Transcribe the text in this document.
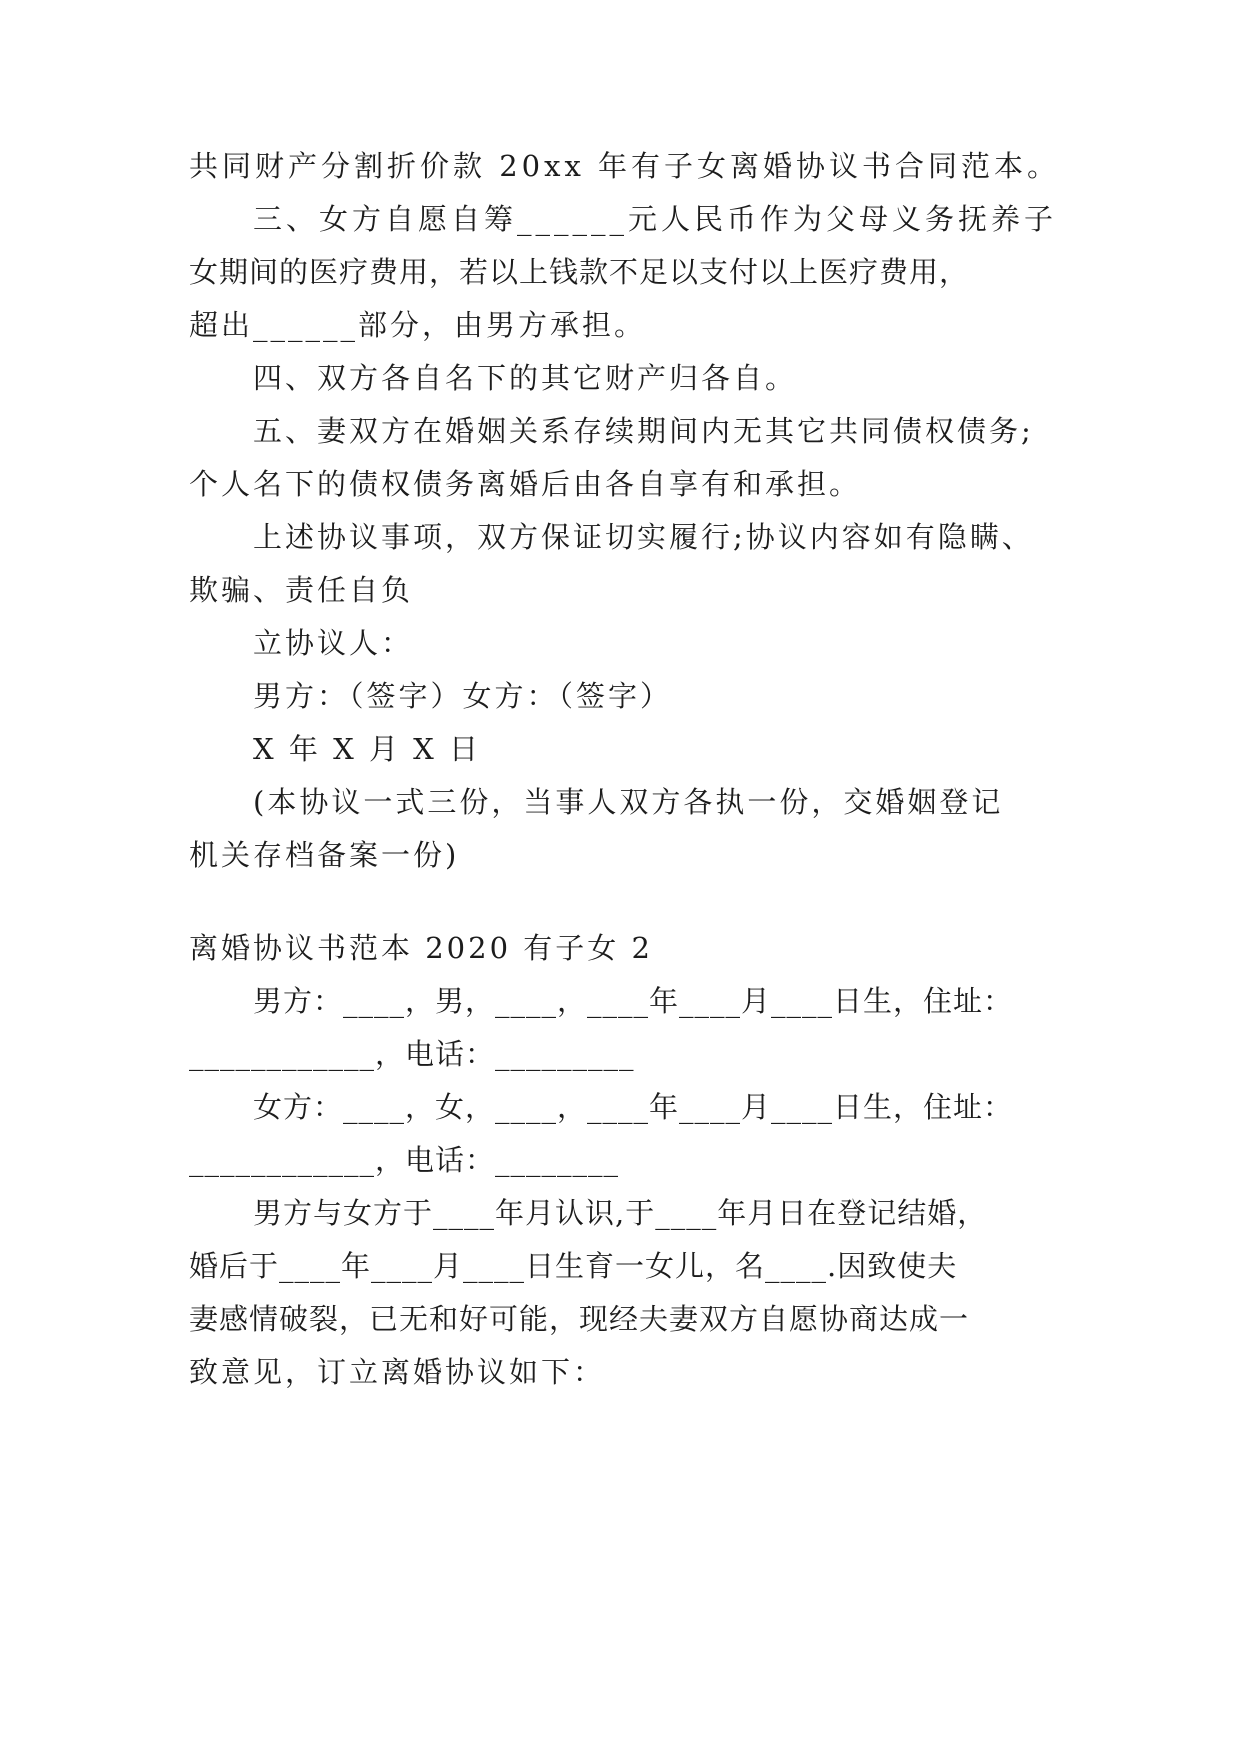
共同财产分割折价款 20xx 年有子女离婚协议书合同范本。
三、女方自愿自筹______元人民币作为父母义务抚养子
女期间的医疗费用，若以上钱款不足以支付以上医疗费用，
超出______部分，由男方承担。
四、双方各自名下的其它财产归各自。
五、妻双方在婚姻关系存续期间内无其它共同债权债务;
个人名下的债权债务离婚后由各自享有和承担。
上述协议事项，双方保证切实履行;协议内容如有隐瞒、
欺骗、责任自负
立协议人：
男方：（签字）女方：（签字）
X 年 X 月 X 日
(本协议一式三份，当事人双方各执一份，交婚姻登记
机关存档备案一份)
离婚协议书范本 2020 有子女 2
男方：____，男，____，____年____月____日生，住址：
____________，电话：_________
女方：____，女，____，____年____月____日生，住址：
____________，电话：________
男方与女方于____年月认识,于____年月日在登记结婚，
婚后于____年____月____日生育一女儿，名____.因致使夫
妻感情破裂，已无和好可能，现经夫妻双方自愿协商达成一
致意见，订立离婚协议如下：
